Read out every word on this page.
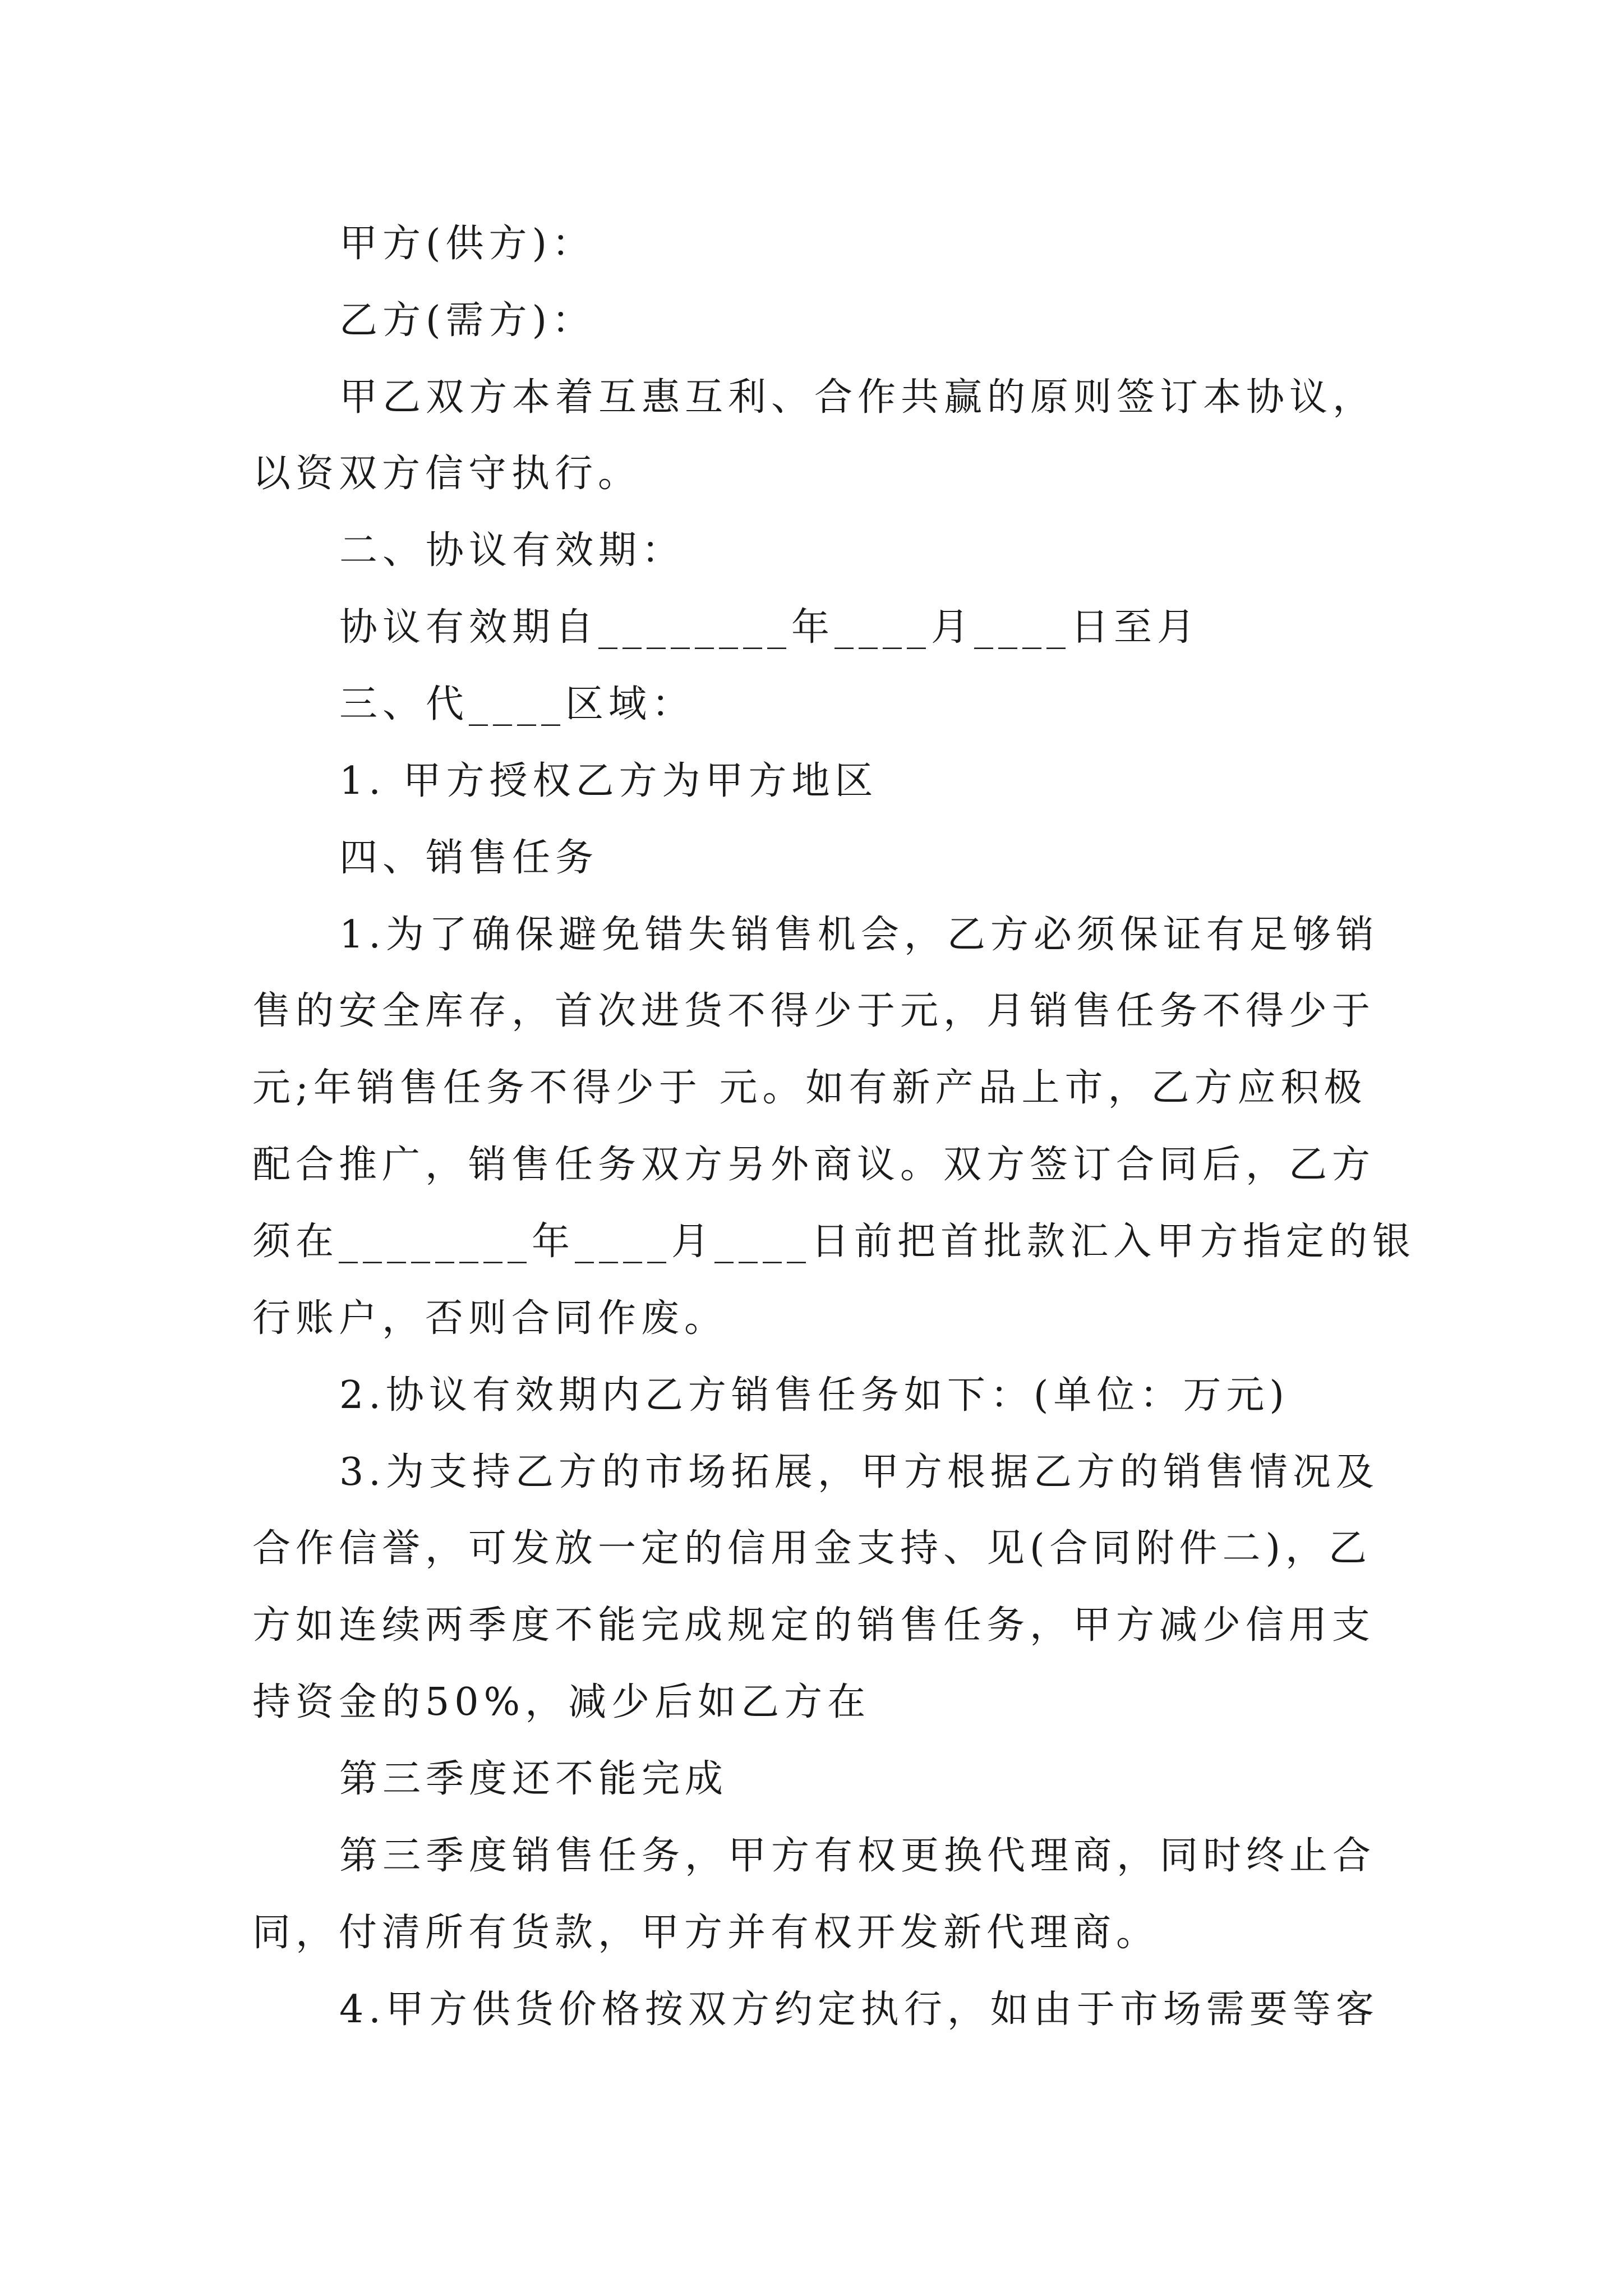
甲方(供方)：
乙方(需方)：
甲乙双方本着互惠互利、合作共赢的原则签订本协议，
以资双方信守执行。
二、协议有效期：
协议有效期自________年____月____日至月
三、代____区域：
1. 甲方授权乙方为甲方地区
四、销售任务
1.为了确保避免错失销售机会，乙方必须保证有足够销
售的安全库存，首次进货不得少于元，月销售任务不得少于
元;年销售任务不得少于 元。如有新产品上市，乙方应积极
配合推广，销售任务双方另外商议。双方签订合同后，乙方
须在________年____月____日前把首批款汇入甲方指定的银
行账户，否则合同作废。
2.协议有效期内乙方销售任务如下：(单位：万元)
3.为支持乙方的市场拓展，甲方根据乙方的销售情况及
合作信誉，可发放一定的信用金支持、见(合同附件二)，乙
方如连续两季度不能完成规定的销售任务，甲方减少信用支
持资金的50%，减少后如乙方在
第三季度还不能完成
第三季度销售任务，甲方有权更换代理商，同时终止合
同，付清所有货款，甲方并有权开发新代理商。
4.甲方供货价格按双方约定执行，如由于市场需要等客
